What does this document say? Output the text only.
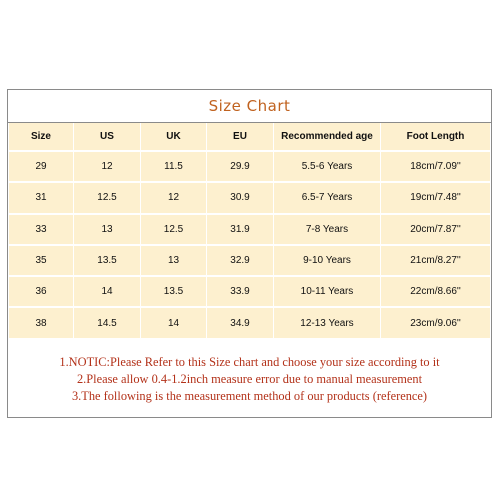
Size Chart
Size	US	UK	EU	Recommended age	Foot Length
29	12	11.5	29.9	5.5-6 Years	18cm/7.09''
31	12.5	12	30.9	6.5-7 Years	19cm/7.48''
33	13	12.5	31.9	7-8 Years	20cm/7.87''
35	13.5	13	32.9	9-10 Years	21cm/8.27''
36	14	13.5	33.9	10-11 Years	22cm/8.66''
38	14.5	14	34.9	12-13 Years	23cm/9.06''
1.NOTIC:Please Refer to this Size chart and choose your size according to it
2.Please allow 0.4-1.2inch measure error due to manual measurement
3.The following is the measurement method of our products (reference)
